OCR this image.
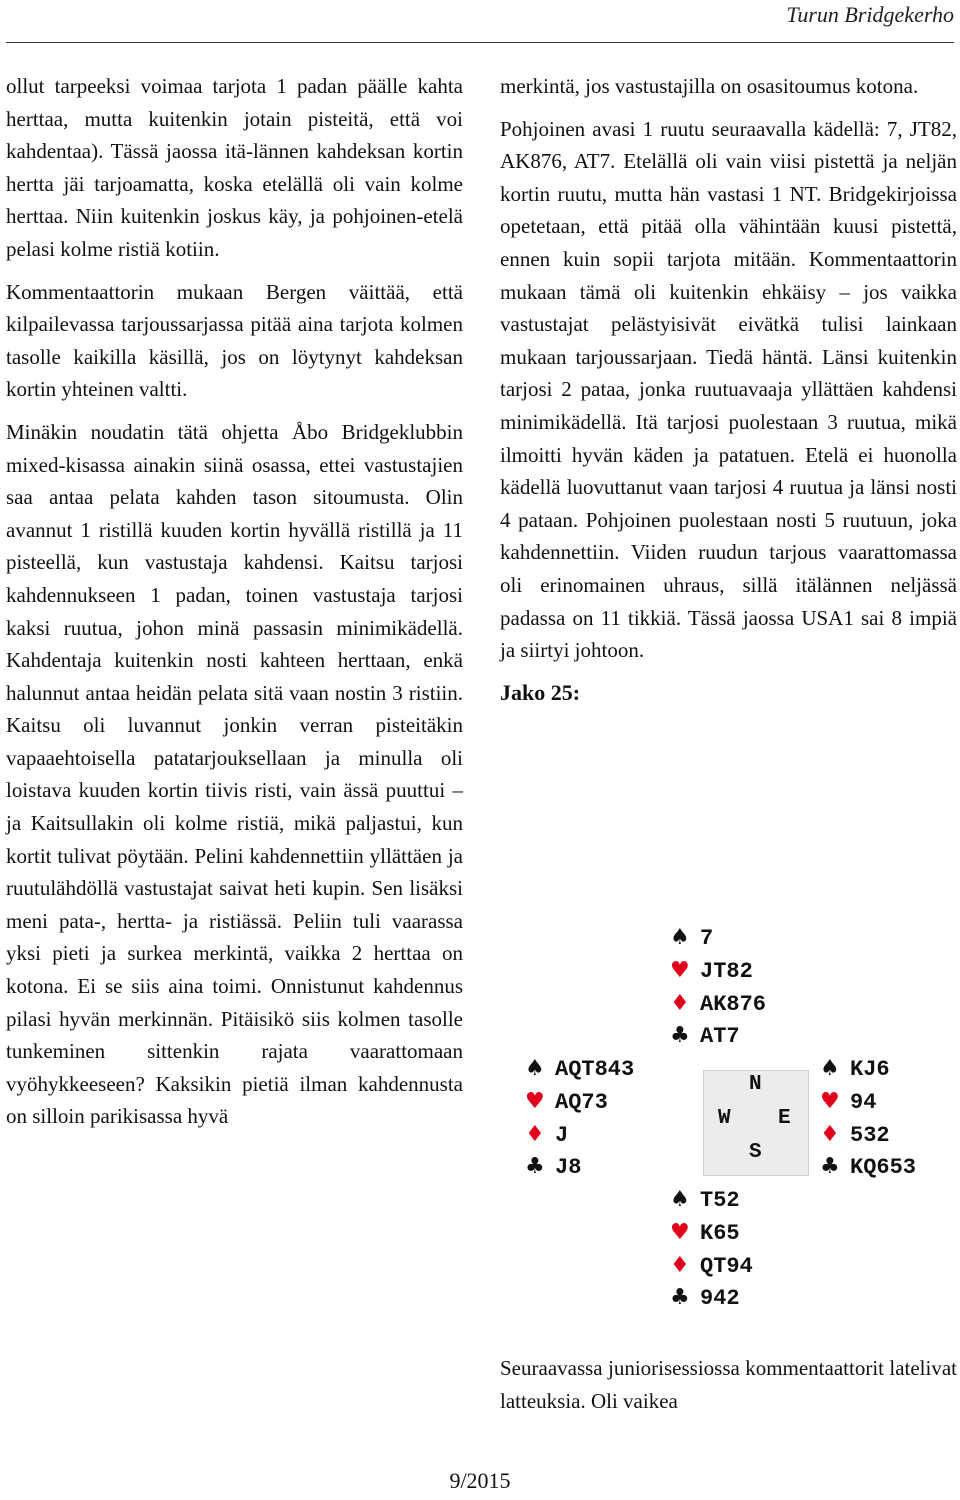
Turun Bridgekerho

ollut tarpeeksi voimaa tarjota 1 padan päälle kahta herttaa, mutta kuitenkin jotain pisteitä, että voi kahdentaa). Tässä jaossa itä-lännen kahdeksan kortin hertta jäi tarjoamatta, koska etelällä oli vain kolme herttaa. Niin kuitenkin joskus käy, ja pohjoinen-etelä pelasi kolme ristiä kotiin.

Kommentaattorin mukaan Bergen väittää, että kilpailevassa tarjoussarjassa pitää aina tarjota kolmen tasolle kaikilla käsillä, jos on löytynyt kahdeksan kortin yhteinen valtti.

Minäkin noudatin tätä ohjetta Åbo Bridgeklubbin mixed-kisassa ainakin siinä osassa, ettei vastustajien saa antaa pelata kahden tason sitoumusta. Olin avannut 1 ristillä kuuden kortin hyvällä ristillä ja 11 pisteellä, kun vastustaja kahdensi. Kaitsu tarjosi kahdennukseen 1 padan, toinen vastustaja tarjosi kaksi ruutua, johon minä passasin minimikädellä. Kahdentaja kuitenkin nosti kahteen herttaan, enkä halunnut antaa heidän pelata sitä vaan nostin 3 ristiin. Kaitsu oli luvannut jonkin verran pisteitäkin vapaaehtoisella patatarjouksellaan ja minulla oli loistava kuuden kortin tiivis risti, vain ässä puuttui – ja Kaitsullakin oli kolme ristiä, mikä paljastui, kun kortit tulivat pöytään. Pelini kahdennettiin yllättäen ja ruutulähdöllä vastustajat saivat heti kupin. Sen lisäksi meni pata-, hertta- ja ristiässä. Peliin tuli vaarassa yksi pieti ja surkea merkintä, vaikka 2 herttaa on kotona. Ei se siis aina toimi. Onnistunut kahdennus pilasi hyvän merkinnän. Pitäisikö siis kolmen tasolle tunkeminen sittenkin rajata vaarattomaan vyöhykkeeseen? Kaksikin pietiä ilman kahdennusta on silloin parikisassa hyvä

merkintä, jos vastustajilla on osasitoumus kotona.

Pohjoinen avasi 1 ruutu seuraavalla kädellä: 7, JT82, AK876, AT7. Etelällä oli vain viisi pistettä ja neljän kortin ruutu, mutta hän vastasi 1 NT. Bridgekirjoissa opetetaan, että pitää olla vähintään kuusi pistettä, ennen kuin sopii tarjota mitään. Kommentaattorin mukaan tämä oli kuitenkin ehkäisy – jos vaikka vastustajat pelästyisivät eivätkä tulisi lainkaan mukaan tarjoussarjaan. Tiedä häntä. Länsi kuitenkin tarjosi 2 pataa, jonka ruutuavaaja yllättäen kahdensi minimikädellä. Itä tarjosi puolestaan 3 ruutua, mikä ilmoitti hyvän käden ja patatuen. Etelä ei huonolla kädellä luovuttanut vaan tarjosi 4 ruutua ja länsi nosti 4 pataan. Pohjoinen puolestaan nosti 5 ruutuun, joka kahdennettiin. Viiden ruudun tarjous vaarattomassa oli erinomainen uhraus, sillä itälännen neljässä padassa on 11 tikkiä. Tässä jaossa USA1 sai 8 impiä ja siirtyi johtoon.

Jako 25:

♠ 7
♥ JT82
♦ AK876
♣ AT7
♠ AQT843
♥ AQ73
♦ J
♣ J8
N
W E
S
♠ KJ6
♥ 94
♦ 532
♣ KQ653
♠ T52
♥ K65
♦ QT94
♣ 942
Seuraavassa juniorisessiossa kommentaattorit latelivat latteuksia. Oli vaikea
9/2015
